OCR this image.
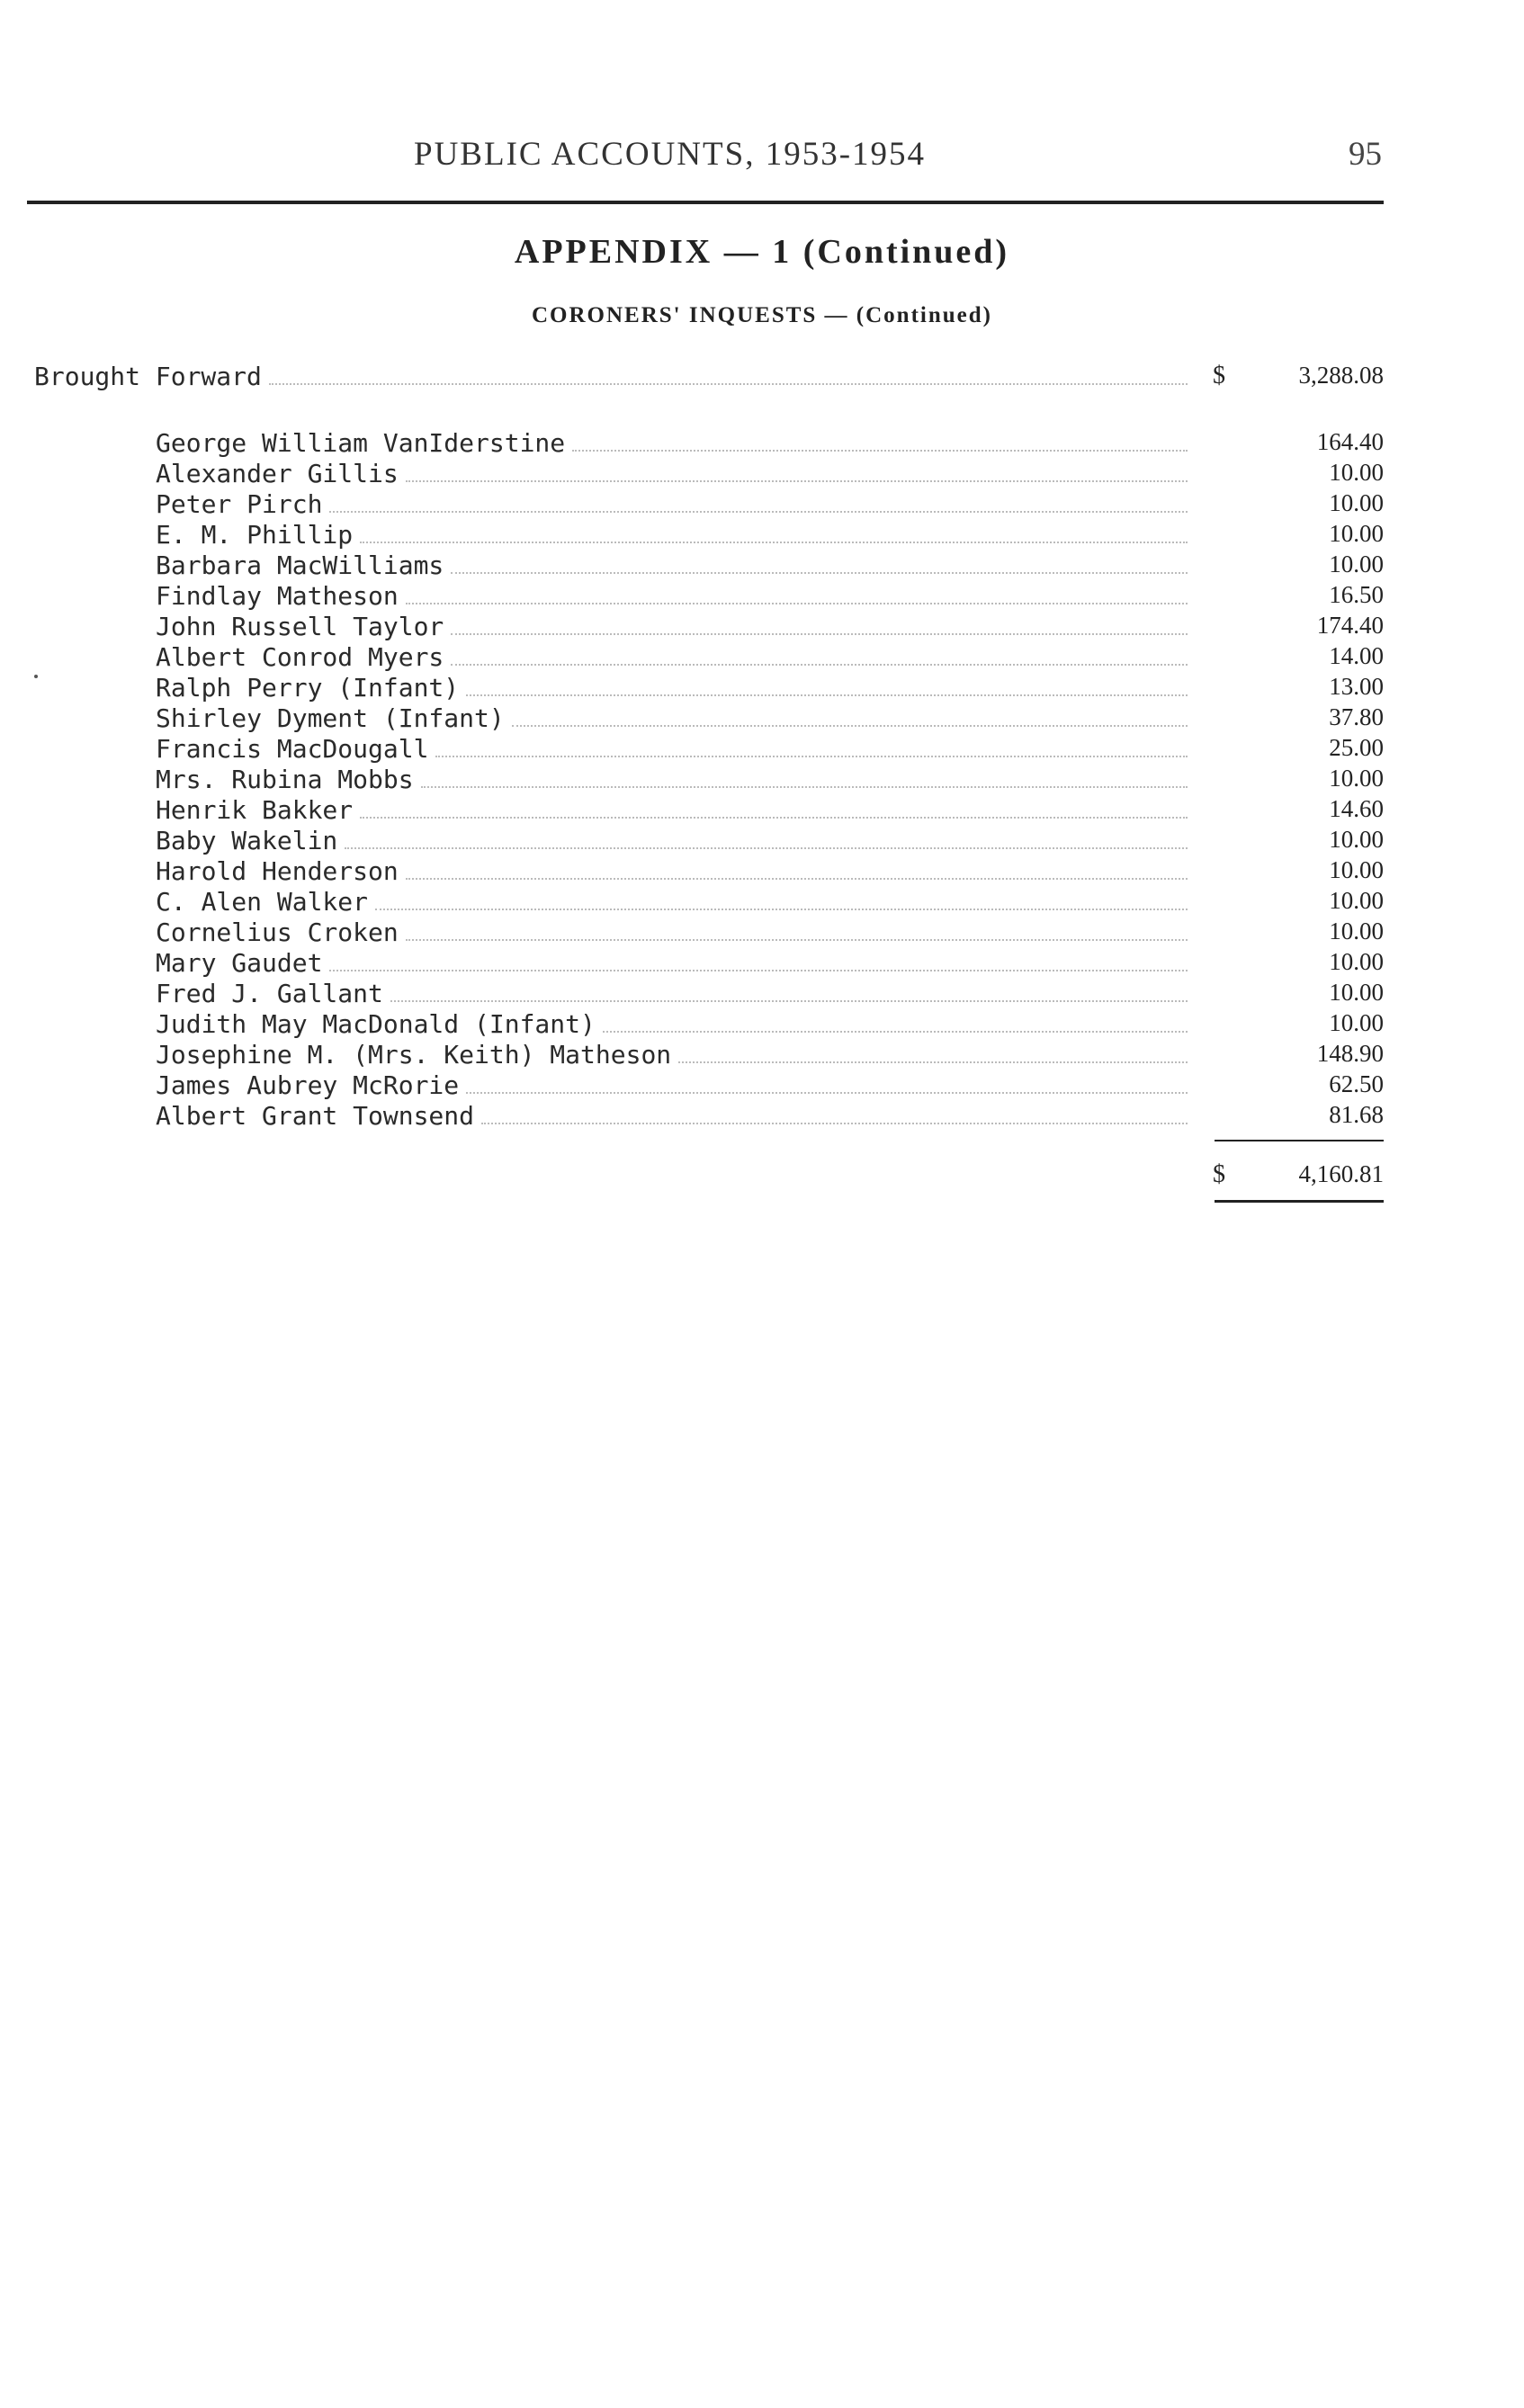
PUBLIC ACCOUNTS, 1953-1954	95
APPENDIX — 1 (Continued)
CORONERS' INQUESTS — (Continued)
Brought Forward	$	3,288.08
George William VanIderstine	164.40
Alexander Gillis	10.00
Peter Pirch	10.00
E. M. Phillip	10.00
Barbara MacWilliams	10.00
Findlay Matheson	16.50
John Russell Taylor	174.40
Albert Conrod Myers	14.00
Ralph Perry (Infant)	13.00
Shirley Dyment (Infant)	37.80
Francis MacDougall	25.00
Mrs. Rubina Mobbs	10.00
Henrik Bakker	14.60
Baby Wakelin	10.00
Harold Henderson	10.00
C. Alen Walker	10.00
Cornelius Croken	10.00
Mary Gaudet	10.00
Fred J. Gallant	10.00
Judith May MacDonald (Infant)	10.00
Josephine M. (Mrs. Keith) Matheson	148.90
James Aubrey McRorie	62.50
Albert Grant Townsend	81.68
$	4,160.81
